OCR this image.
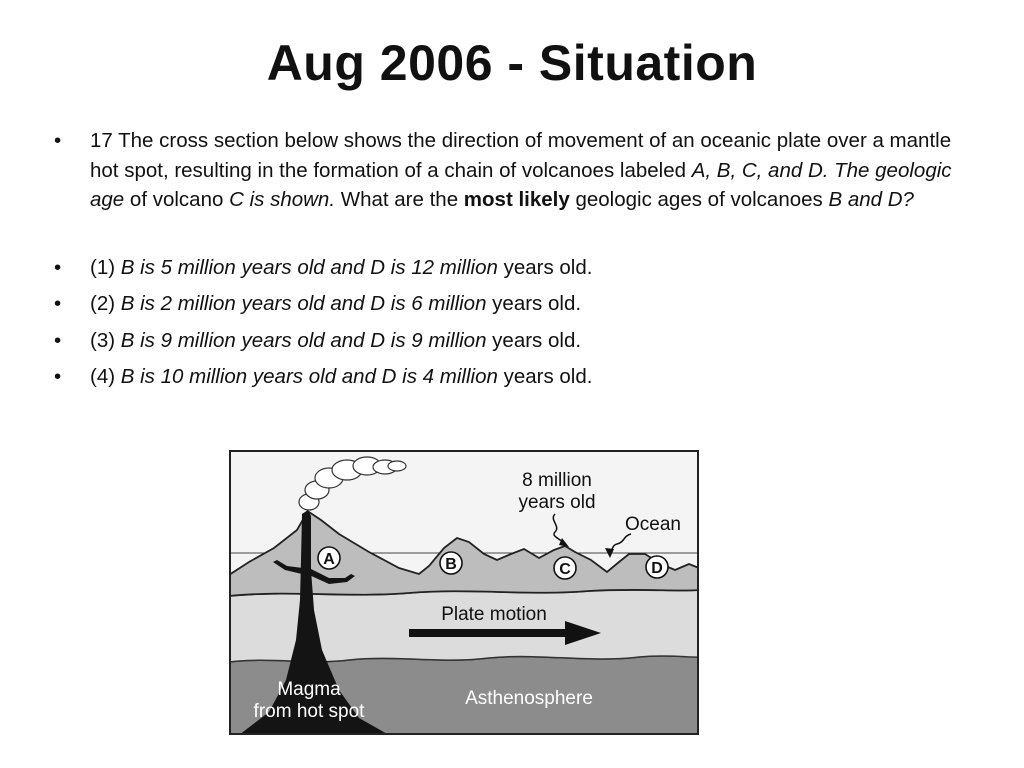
Aug 2006 - Situation
• 17 The cross section below shows the direction of movement of an oceanic plate over a mantle hot spot, resulting in the formation of a chain of volcanoes labeled A, B, C, and D. The geologic age of volcano C is shown. What are the most likely geologic ages of volcanoes B and D?
• (1) B is 5 million years old and D is 12 million years old.
• (2) B is 2 million years old and D is 6 million years old.
• (3) B is 9 million years old and D is 9 million years old.
• (4) B is 10 million years old and D is 4 million years old.
8 million
years old
Ocean
A	B	C	D
Plate motion
Magma
from hot spot
Asthenosphere
